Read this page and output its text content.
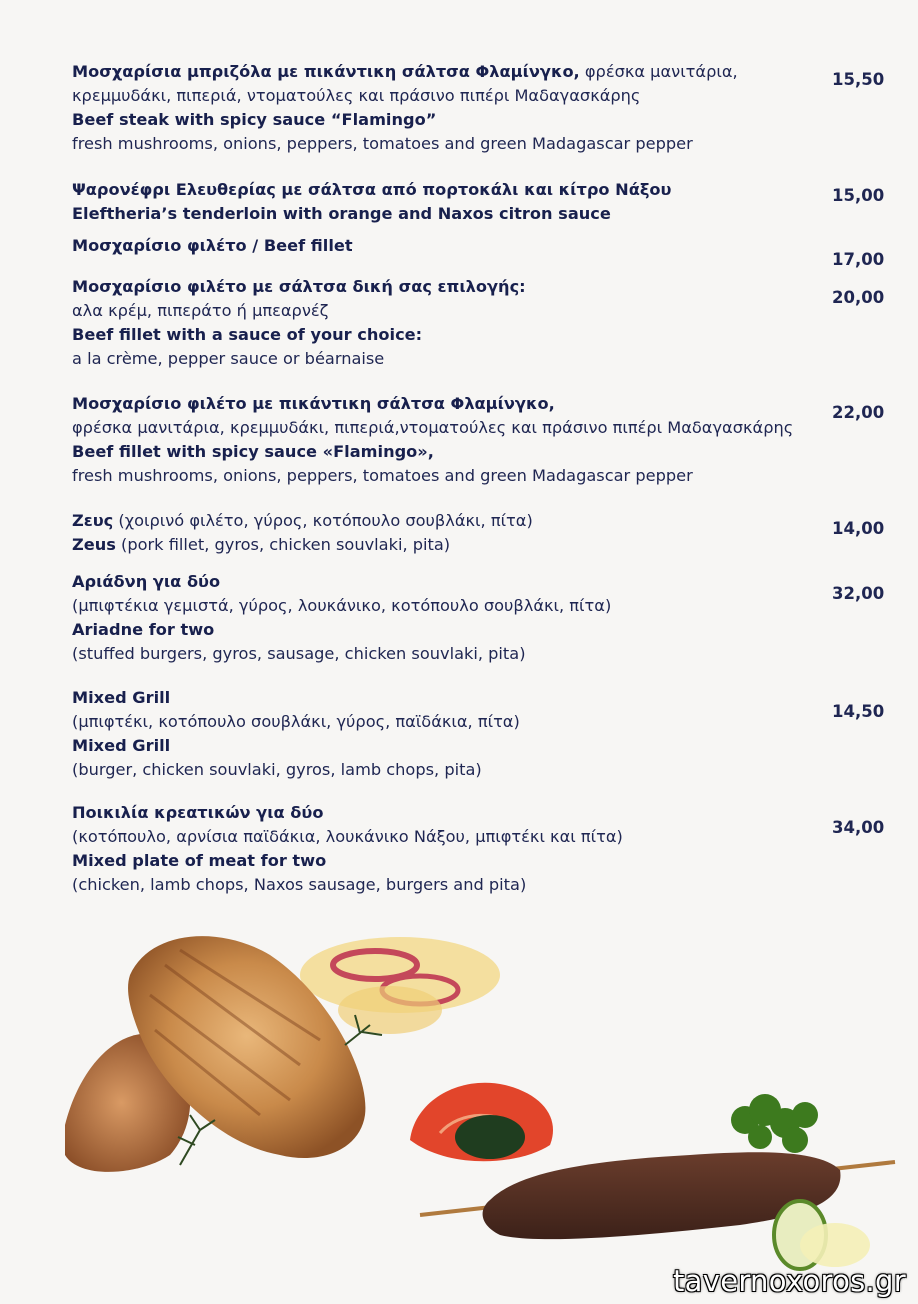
Μοσχαρίσια μπριζόλα με πικάντικη σάλτσα Φλαμίνγκο, φρέσκα μανιτάρια,
κρεμμυδάκι, πιπεριά, ντοματούλες και πράσινο πιπέρι Μαδαγασκάρης
Beef steak with spicy sauce “Flamingo”
fresh mushrooms, onions, peppers, tomatoes and green Madagascar pepper
15,50
Ψαρονέφρι Ελευθερίας με σάλτσα από πορτοκάλι και κίτρο Νάξου
Eleftheria’s tenderloin with orange and Naxos citron sauce
15,00
Μοσχαρίσιο φιλέτο / Beef fillet
17,00
Μοσχαρίσιο φιλέτο με σάλτσα δική σας επιλογής:
αλα κρέμ, πιπεράτο ή μπεαρνέζ
Beef fillet with a sauce of your choice:
a la crème, pepper sauce or béarnaise
20,00
Μοσχαρίσιο φιλέτο με πικάντικη σάλτσα Φλαμίνγκο,
φρέσκα μανιτάρια, κρεμμυδάκι, πιπεριά,ντοματούλες και πράσινο πιπέρι Μαδαγασκάρης
Beef fillet with spicy sauce «Flamingo»,
fresh mushrooms, onions, peppers, tomatoes and green Madagascar pepper
22,00
Ζευς (χοιρινό φιλέτο, γύρος, κοτόπουλο σουβλάκι, πίτα)
Zeus (pork fillet, gyros, chicken souvlaki, pita)
14,00
Αριάδνη για δύο
(μπιφτέκια γεμιστά, γύρος, λουκάνικο, κοτόπουλο σουβλάκι, πίτα)
Ariadne for two
(stuffed burgers, gyros, sausage, chicken souvlaki, pita)
32,00
Mixed Grill
(μπιφτέκι, κοτόπουλο σουβλάκι, γύρος, παϊδάκια, πίτα)
Mixed Grill
(burger, chicken souvlaki, gyros, lamb chops, pita)
14,50
Ποικιλία κρεατικών για δύο
(κοτόπουλο, αρνίσια παϊδάκια, λουκάνικο Νάξου, μπιφτέκι και πίτα)
Mixed plate of meat for two
(chicken, lamb chops, Naxos sausage, burgers and pita)
34,00
tavernoxoros.gr
